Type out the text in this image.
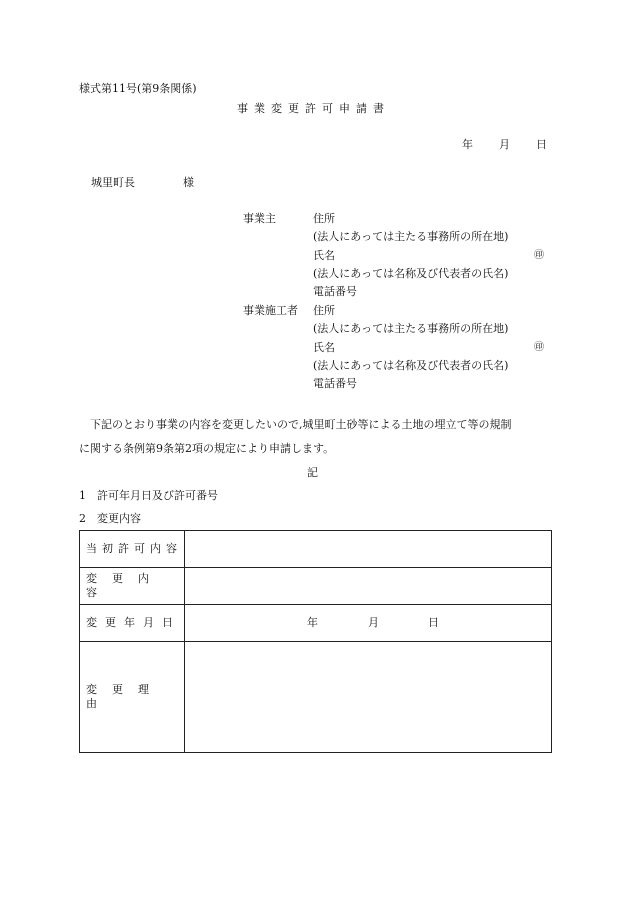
様式第11号(第9条関係)
事業変更許可申請書
年 月 日
城里町長	様
事業主	住所
(法人にあっては主たる事務所の所在地)
氏名	㊞
(法人にあっては名称及び代表者の氏名)
電話番号
事業施工者 住所
(法人にあっては主たる事務所の所在地)
氏名	㊞
(法人にあっては名称及び代表者の氏名)
電話番号
下記のとおり事業の内容を変更したいので,城里町土砂等による土地の埋立て等の規制
に関する条例第9条第2項の規定により申請します。
記
1　許可年月日及び許可番号
2　変更内容
当初許可内容	
変更内容	
変更年月日	年 月 日

変更理由	
